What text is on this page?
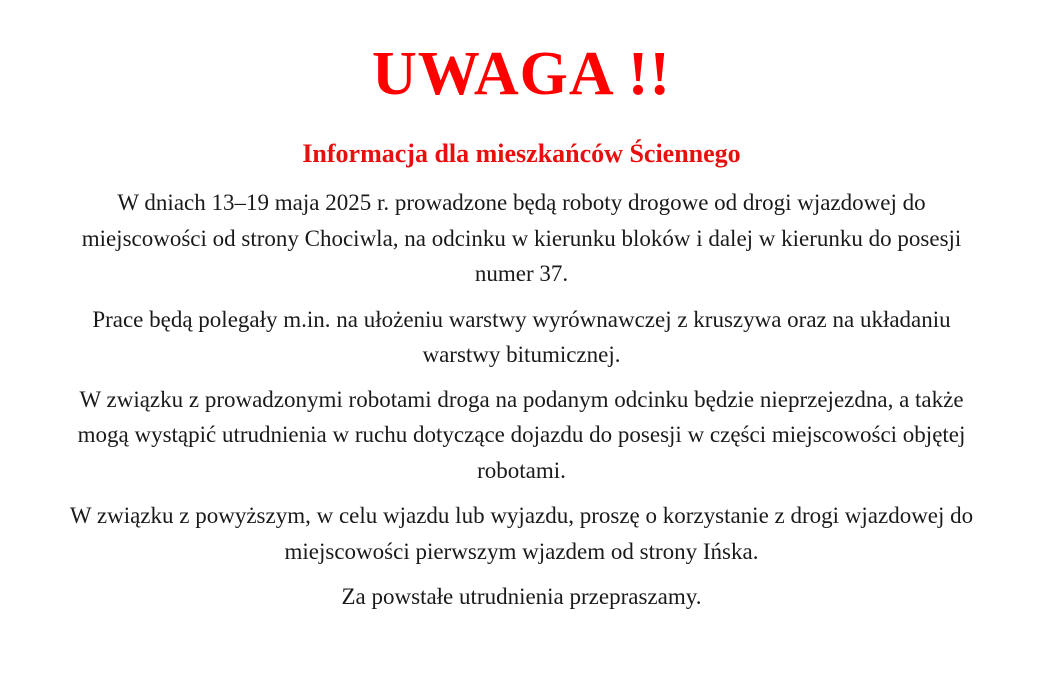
UWAGA !!
Informacja dla mieszkańców Ściennego

W dniach 13–19 maja 2025 r. prowadzone będą roboty drogowe od drogi wjazdowej do miejscowości od strony Chociwla, na odcinku w kierunku bloków i dalej w kierunku do posesji numer 37.

Prace będą polegały m.in. na ułożeniu warstwy wyrównawczej z kruszywa oraz na układaniu warstwy bitumicznej.

W związku z prowadzonymi robotami droga na podanym odcinku będzie nieprzejezdna, a także mogą wystąpić utrudnienia w ruchu dotyczące dojazdu do posesji w części miejscowości objętej robotami.

W związku z powyższym, w celu wjazdu lub wyjazdu, proszę o korzystanie z drogi wjazdowej do miejscowości pierwszym wjazdem od strony Ińska.

Za powstałe utrudnienia przepraszamy.
